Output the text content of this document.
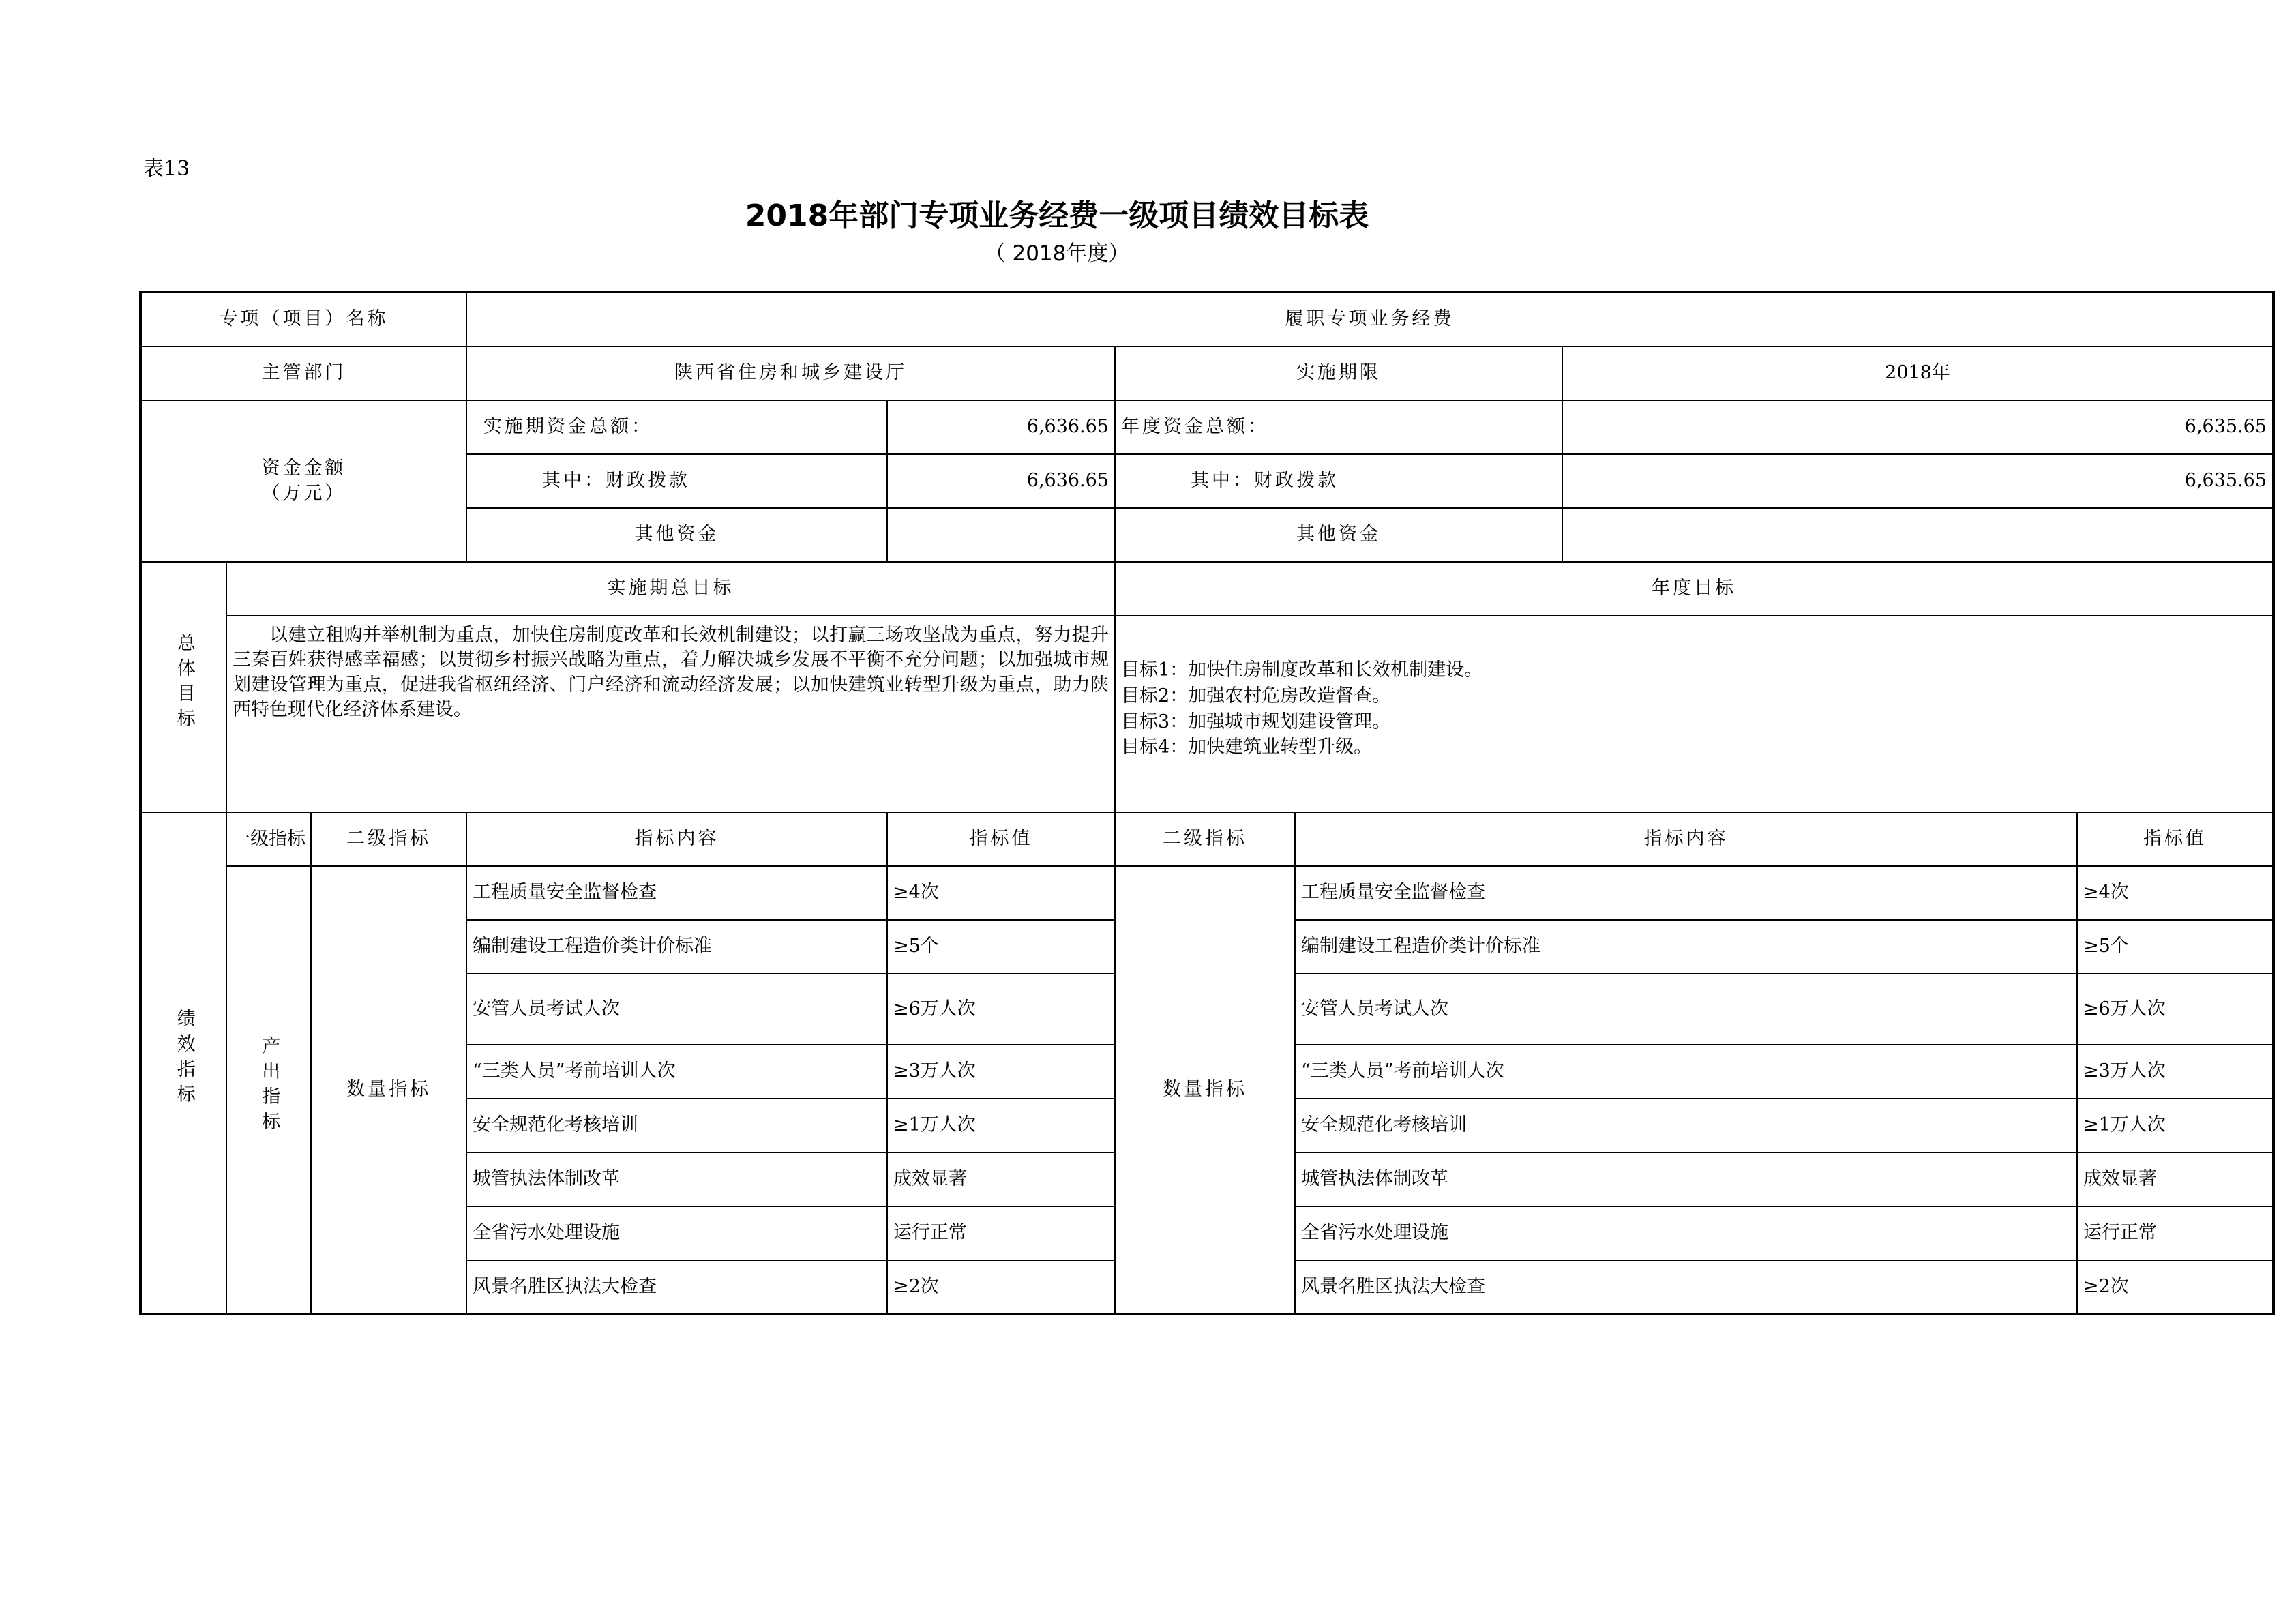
表13
2018年部门专项业务经费一级项目绩效目标表
（ 2018年度）
专项（项目）名称			履职专项业务经费					
主管部门			陕西省住房和城乡建设厅		实施期限		2018年	

资金金额
（万元）			实施期资金总额：	6,636.65	年度资金总额：		6,635.65	
			其中：财政拨款	6,636.65	其中：财政拨款		6,635.65	
			其他资金		其他资金			
总体目标	实施期总目标				年度目标			
	以建立租购并举机制为重点，加快住房制度改革和长效机制建设；以打赢三场攻坚战为重点，努力提升三秦百姓获得感幸福感；以贯彻乡村振兴战略为重点，着力解决城乡发展不平衡不充分问题；以加强城市规划建设管理为重点，促进我省枢纽经济、门户经济和流动经济发展；以加快建筑业转型升级为重点，助力陕西特色现代化经济体系建设。				目标1：加快住房制度改革和长效机制建设。
目标2：加强农村危房改造督查。
目标3：加强城市规划建设管理。
目标4：加快建筑业转型升级。			

绩效指标	一级指标	二级指标	指标内容	指标值	二级指标	指标内容		指标值
	产出指标	数量指标	工程质量安全监督检查	≥4次	数量指标	工程质量安全监督检查		≥4次
			编制建设工程造价类计价标准	≥5个		编制建设工程造价类计价标准		≥5个
			安管人员考试人次	≥6万人次		安管人员考试人次		≥6万人次
			“三类人员”考前培训人次	≥3万人次		“三类人员”考前培训人次		≥3万人次
			安全规范化考核培训	≥1万人次		安全规范化考核培训		≥1万人次
			城管执法体制改革	成效显著		城管执法体制改革		成效显著
			全省污水处理设施	运行正常		全省污水处理设施		运行正常
			风景名胜区执法大检查	≥2次		风景名胜区执法大检查		≥2次
